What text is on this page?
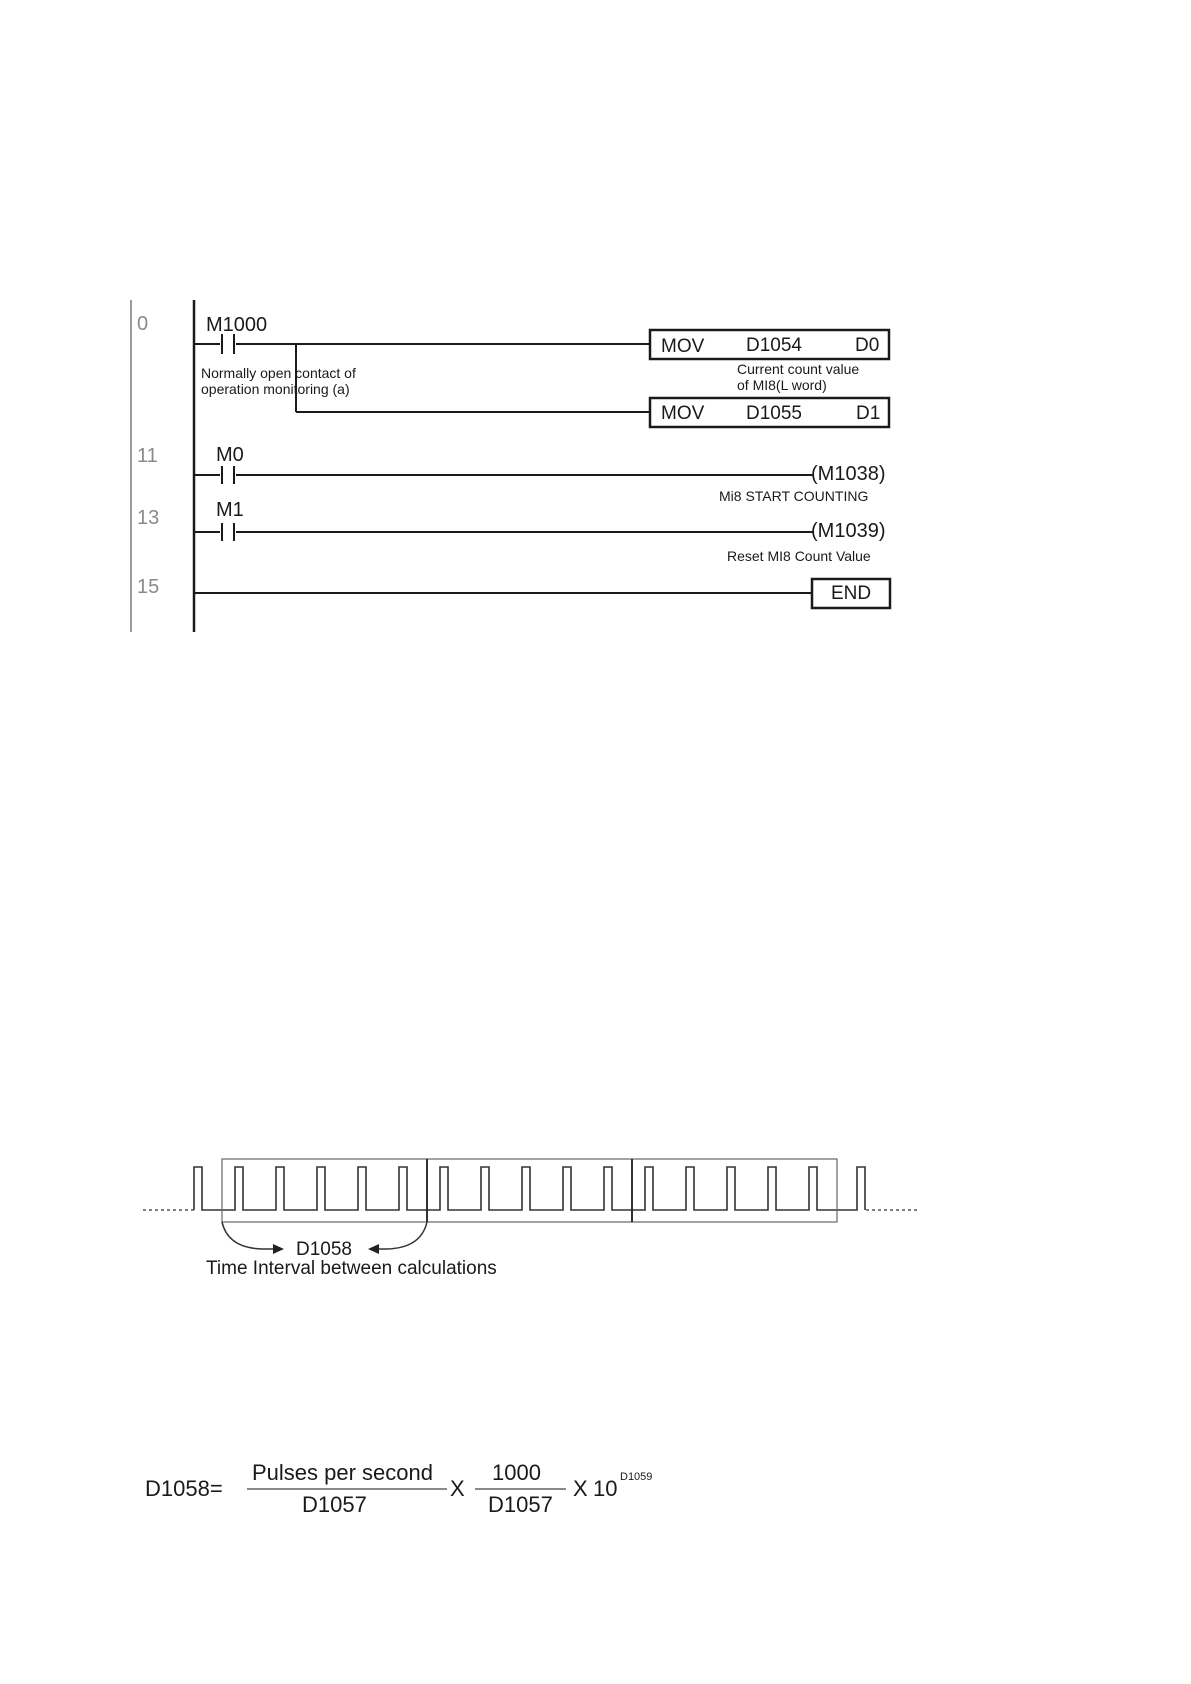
0
11
13
15
M1000
Normally open contact of
operation monitoring (a)
MOV D1054	D0
Current count value
of MI8(L word)
MOV D1055	D1
M0
(M1038)
Mi8 START COUNTING
M1
(M1039)
Reset MI8 Count Value
END
D1058
Time Interval between calculations
D1058=
Pulses per second
D1057
X
1000
D1057
X 10 D1059
